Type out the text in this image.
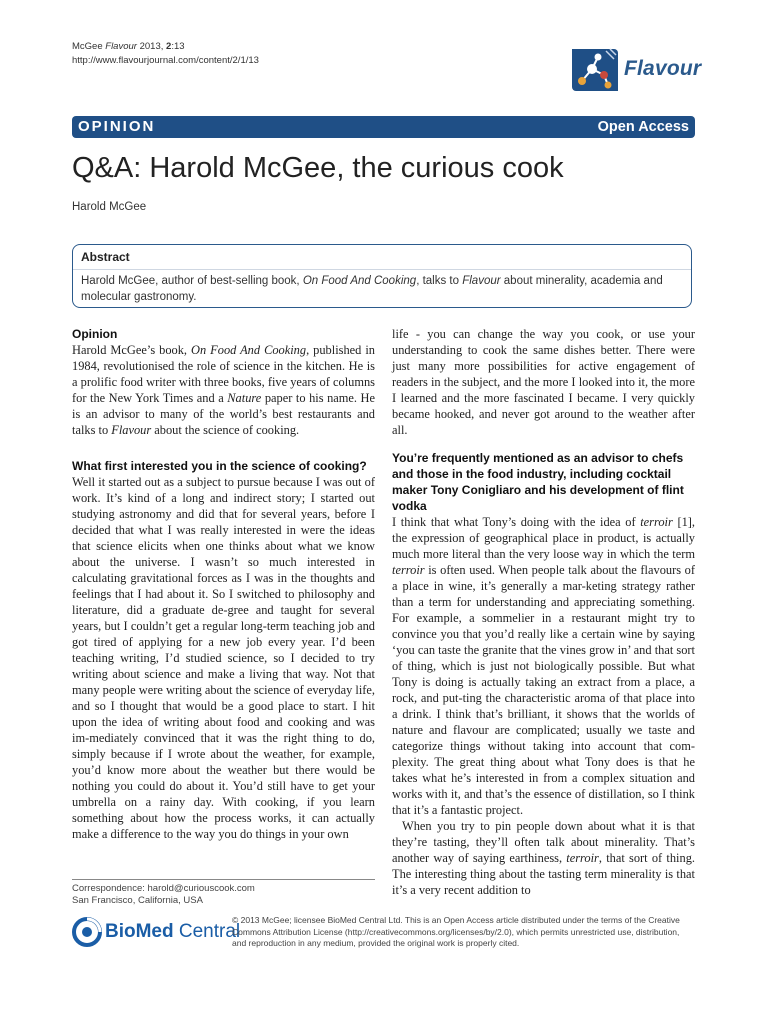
McGee Flavour 2013, 2:13
http://www.flavourjournal.com/content/2/1/13	Flavour
OPINION	Open Access
Q&A: Harold McGee, the curious cook
Harold McGee
Abstract

Harold McGee, author of best-selling book, On Food And Cooking, talks to Flavour about minerality, academia and molecular gastronomy.

Opinion

Harold McGee’s book, On Food And Cooking, published in 1984, revolutionised the role of science in the kitchen. He is a prolific food writer with three books, five years of columns for the New York Times and a Nature paper to his name. He is an advisor to many of the world’s best restaurants and talks to Flavour about the science of cooking.

What first interested you in the science of cooking?

Well it started out as a subject to pursue because I was out of work. It’s kind of a long and indirect story; I started out studying astronomy and did that for several years, before I decided that what I was really interested in were the ideas that science elicits when one thinks about what we know about the universe. I wasn’t so much interested in calculating gravitational forces as I was in the thoughts and feelings that I had about it. So I switched to philosophy and literature, did a graduate de-gree and taught for several years, but I couldn’t get a regular long-term teaching job and got tired of applying for a new job every year. I’d been teaching writing, I’d studied science, so I decided to try writing about science and make a living that way. Not that many people were writing about the science of everyday life, and so I thought that would be a good place to start. I hit upon the idea of writing about food and cooking and was im-mediately convinced that it was the right thing to do, simply because if I wrote about the weather, for example, you’d know more about the weather but there would be nothing you could do about it. You’d still have to get your umbrella on a rainy day. With cooking, if you learn something about how the process works, it can actually make a difference to the way you do things in your own

life - you can change the way you cook, or use your understanding to cook the same dishes better. There were just many more possibilities for active engagement of readers in the subject, and the more I looked into it, the more I learned and the more fascinated I became. I very quickly became hooked, and never got around to the weather after all.

You’re frequently mentioned as an advisor to chefs and those in the food industry, including cocktail maker Tony Conigliaro and his development of flint vodka

I think that what Tony’s doing with the idea of terroir [1], the expression of geographical place in product, is actually much more literal than the very loose way in which the term terroir is often used. When people talk about the flavours of a place in wine, it’s generally a mar-keting strategy rather than a term for understanding and appreciating something. For example, a sommelier in a restaurant might try to convince you that you’d really like a certain wine by saying ‘you can taste the granite that the vines grow in’ and that sort of thing, which is just not biologically possible. But what Tony is doing is actually taking an extract from a place, a rock, and put-ting the characteristic aroma of that place into a drink. I think that’s brilliant, it shows that the worlds of nature and flavour are complicated; usually we taste and categorize things without taking into account that com-plexity. The great thing about what Tony does is that he takes what he’s interested in from a complex situation and works with it, and that’s the essence of distillation, so I think that it’s a fantastic project.

When you try to pin people down about what it is that they’re tasting, they’ll often talk about minerality. That’s another way of saying earthiness, terroir, that sort of thing. The interesting thing about the tasting term minerality is that it’s a very recent addition to

Correspondence: harold@curiouscook.com
San Francisco, California, USA
BioMed Central

© 2013 McGee; licensee BioMed Central Ltd. This is an Open Access article distributed under the terms of the Creative Commons Attribution License (http://creativecommons.org/licenses/by/2.0), which permits unrestricted use, distribution, and reproduction in any medium, provided the original work is properly cited.
